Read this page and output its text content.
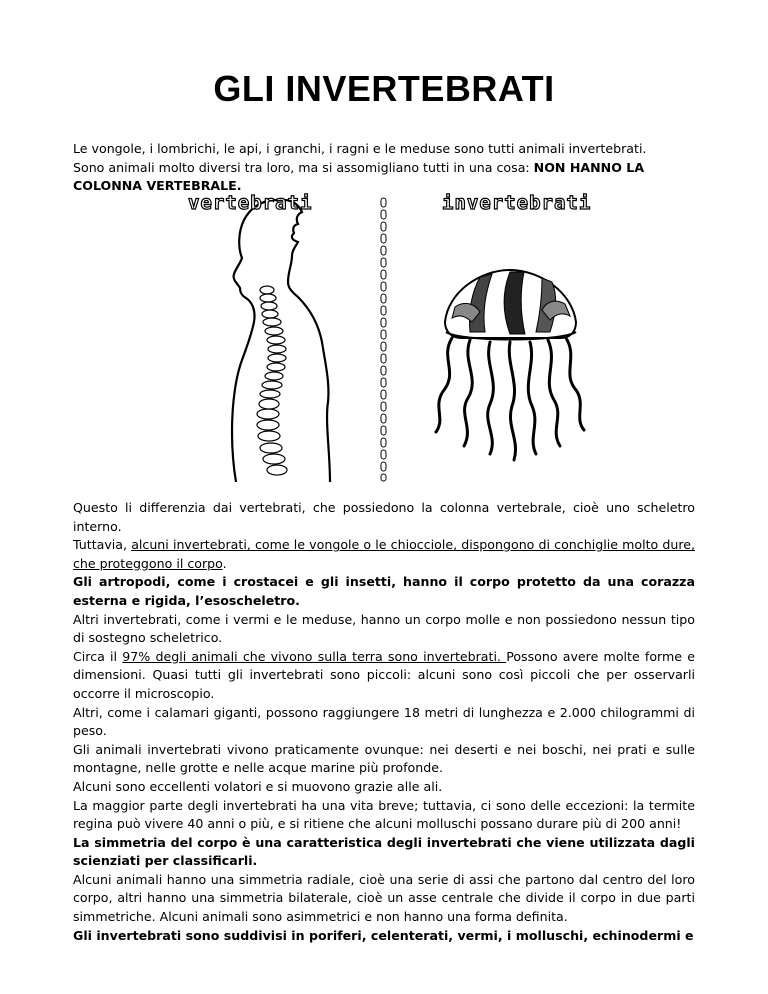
GLI INVERTEBRATI
Le vongole, i lombrichi, le api, i granchi, i ragni e le meduse sono tutti animali invertebrati.
Sono animali molto diversi tra loro, ma si assomigliano tutti in una cosa: NON HANNO LA COLONNA VERTEBRALE.
vertebrati	invertebrati

Questo li differenzia dai vertebrati, che possiedono la colonna vertebrale, cioè uno scheletro interno.

Tuttavia, alcuni invertebrati, come le vongole o le chiocciole, dispongono di conchiglie molto dure, che proteggono il corpo.

Gli artropodi, come i crostacei e gli insetti, hanno il corpo protetto da una corazza esterna e rigida, l’esoscheletro.

Altri invertebrati, come i vermi e le meduse, hanno un corpo molle e non possiedono nessun tipo di sostegno scheletrico.

Circa il 97% degli animali che vivono sulla terra sono invertebrati. Possono avere molte forme e dimensioni. Quasi tutti gli invertebrati sono piccoli: alcuni sono così piccoli che per osservarli occorre il microscopio.

Altri, come i calamari giganti, possono raggiungere 18 metri di lunghezza e 2.000 chilogrammi di peso.

Gli animali invertebrati vivono praticamente ovunque: nei deserti e nei boschi, nei prati e sulle montagne, nelle grotte e nelle acque marine più profonde.

Alcuni sono eccellenti volatori e si muovono grazie alle ali.

La maggior parte degli invertebrati ha una vita breve; tuttavia, ci sono delle eccezioni: la termite regina può vivere 40 anni o più, e si ritiene che alcuni molluschi possano durare più di 200 anni!

La simmetria del corpo è una caratteristica degli invertebrati che viene utilizzata dagli scienziati per classificarli.

Alcuni animali hanno una simmetria radiale, cioè una serie di assi che partono dal centro del loro corpo, altri hanno una simmetria bilaterale, cioè un asse centrale che divide il corpo in due parti simmetriche. Alcuni animali sono asimmetrici e non hanno una forma definita.

Gli invertebrati sono suddivisi in poriferi, celenterati, vermi, i molluschi, echinodermi e
